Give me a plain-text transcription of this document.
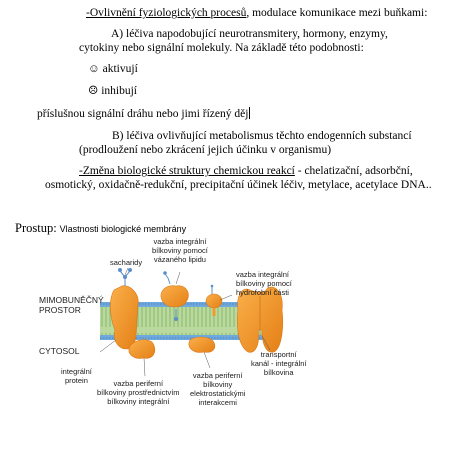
-Ovlivnění fyziologických procesů, modulace komunikace mezi buňkami:
A) léčiva napodobující neurotransmitery, hormony, enzymy,
cytokiny nebo signální molekuly. Na základě této podobnosti:
☺ aktivují
☹ inhibují
příslušnou signální dráhu nebo jimi řízený děj
B) léčiva ovlivňující metabolismus těchto endogenních substancí
(prodloužení nebo zkrácení jejich účinku v organismu)
-Změna biologické struktury chemickou reakcí - chelatizační, adsorbční,
osmotický, oxidačně-redukční, precipitační účinek léčiv, metylace, acetylace DNA..
Prostup: Vlastnosti biologické membrány
sacharidy
vazba integrální
bílkoviny pomocí
vázaného lipidu
vazba integrální
bílkoviny pomocí
hydrofobní části
MIMOBUNĚČNÝ
PROSTOR
CYTOSOL
integrální
protein	vazba periferní
bílkoviny prostřednictvím
bílkoviny integrální
vazba periferní
bílkoviny
elektrostatickými
interakcemi
transportní
kanál - integrální
bílkovina
